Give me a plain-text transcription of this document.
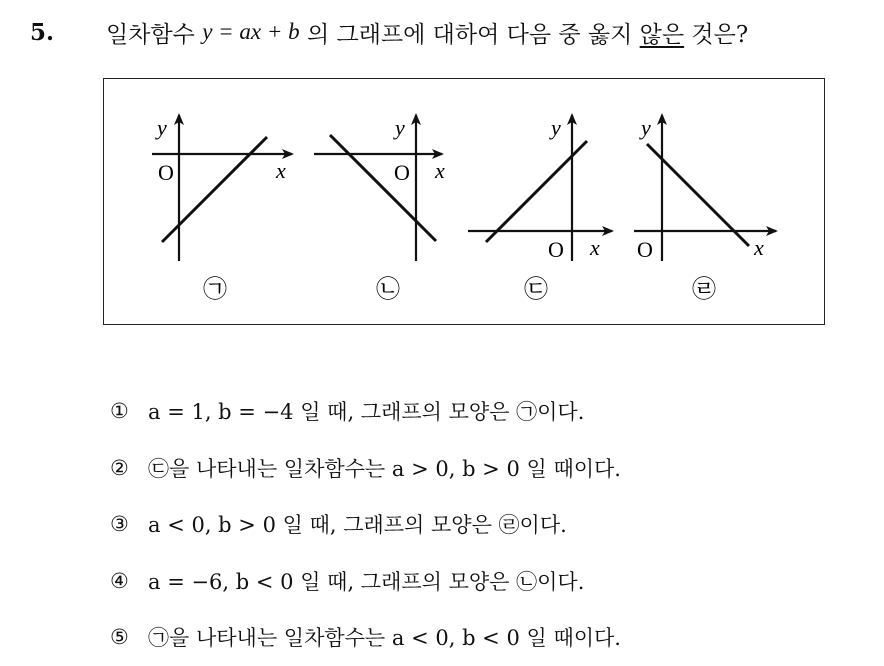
5.	일차함수
y = ax + b
의 그래프에 대하여 다음 중 옳지
않은
것은?
y
O	x
㉠
y
O x
㉡
y
O x
㉢
y
O	x
㉣
① a = 1, b = −4 일 때, 그래프의 모양은 ㉠이다.
② ㉢을 나타내는 일차함수는 a > 0, b > 0 일 때이다.
③ a < 0, b > 0 일 때, 그래프의 모양은 ㉣이다.
④ a = −6, b < 0 일 때, 그래프의 모양은 ㉡이다.
⑤ ㉠을 나타내는 일차함수는 a < 0, b < 0 일 때이다.
